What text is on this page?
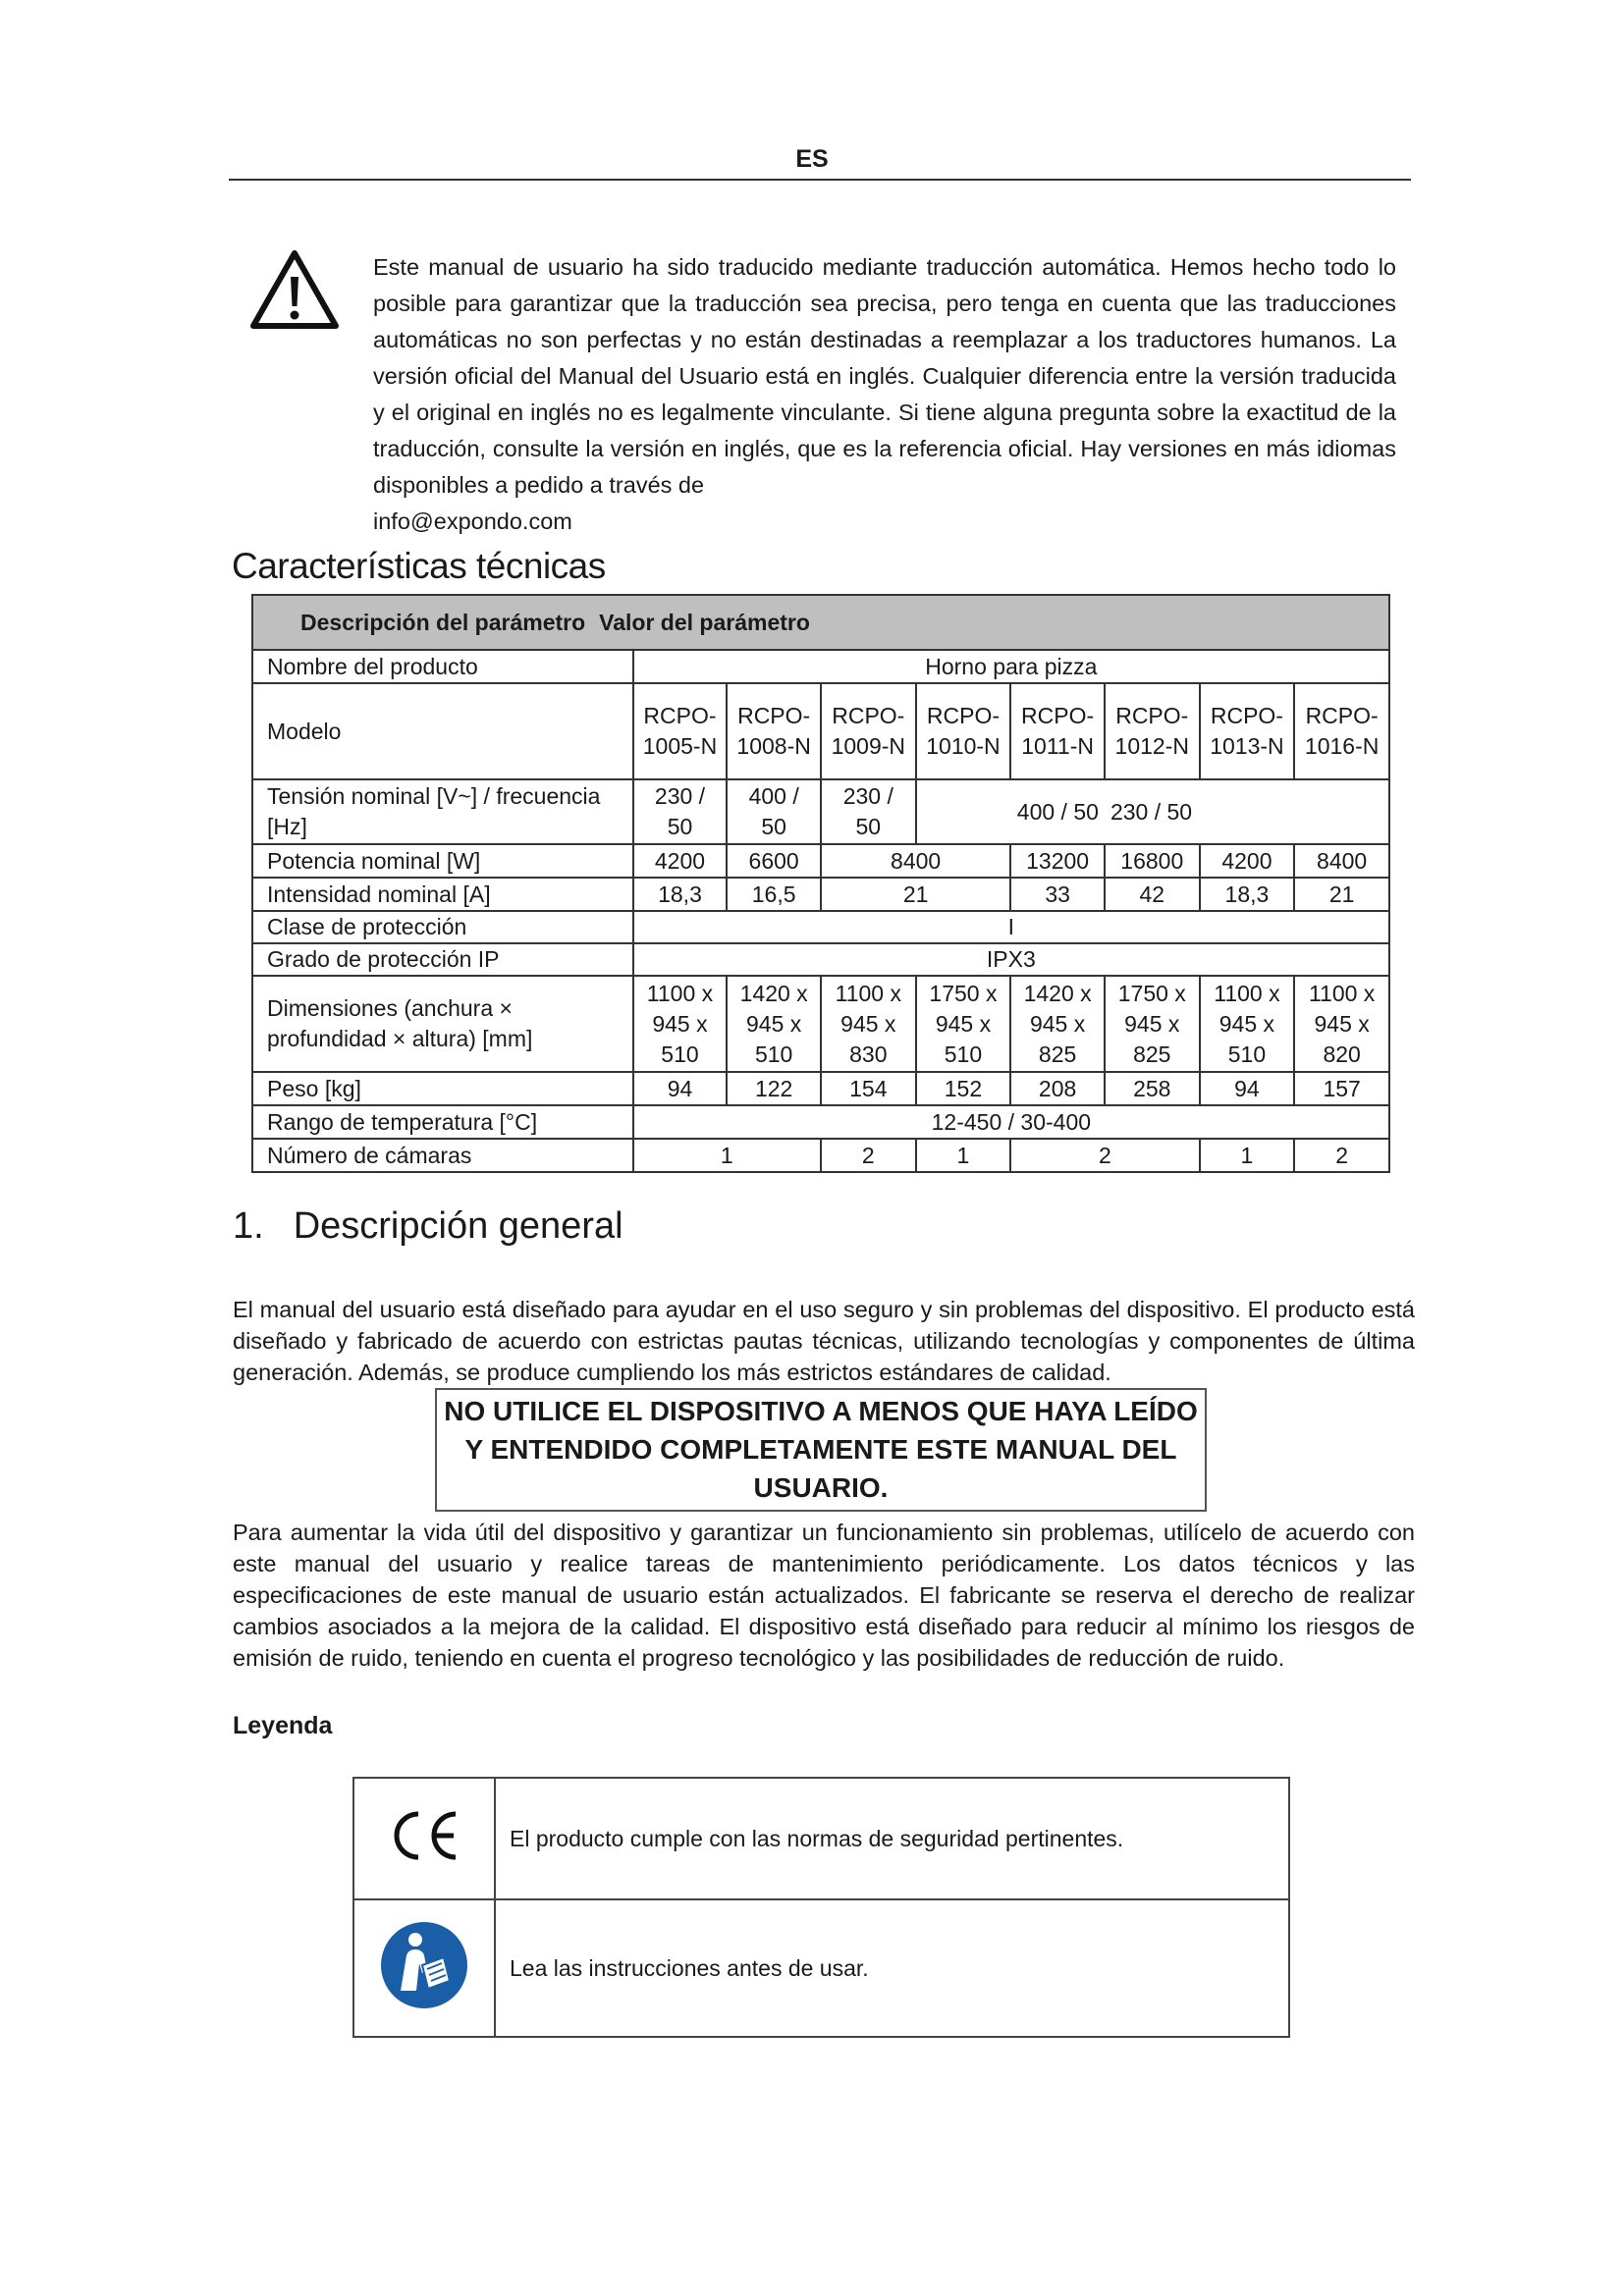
ES

Este manual de usuario ha sido traducido mediante traducción automática. Hemos hecho todo lo posible para garantizar que la traducción sea precisa, pero tenga en cuenta que las traducciones automáticas no son perfectas y no están destinadas a reemplazar a los traductores humanos. La versión oficial del Manual del Usuario está en inglés. Cualquier diferencia entre la versión traducida y el original en inglés no es legalmente vinculante. Si tiene alguna pregunta sobre la exactitud de la traducción, consulte la versión en inglés, que es la referencia oficial. Hay versiones en más idiomas disponibles a pedido a través de

info@expondo.com
Características técnicas
Descripción del parámetro Valor del parámetro								
Nombre del producto	Horno para pizza							
Modelo	RCPO-1005-N	RCPO-1008-N	RCPO-1009-N	RCPO-1010-N	RCPO-1011-N	RCPO-1012-N	RCPO-1013-N	RCPO-1016-N
Tensión nominal [V~] / frecuencia [Hz]	230 / 50	400 / 50	230 / 50	400 / 50		230 / 50		
Potencia nominal [W]	4200	6600	8400		13200	16800	4200	8400
Intensidad nominal [A]	18,3	16,5	21		33	42	18,3	21
Clase de protección	I							
Grado de protección IP	IPX3							
Dimensiones (anchura × profundidad × altura) [mm]	1100 x 945 x 510	1420 x 945 x 510	1100 x 945 x 830	1750 x 945 x 510	1420 x 945 x 825	1750 x 945 x 825	1100 x 945 x 510	1100 x 945 x 820
Peso [kg]	94	122	154	152	208	258	94	157
Rango de temperatura [°C]	12-450 / 30-400							
Número de cámaras	1		2	1	2		1	2
1. Descripción general

El manual del usuario está diseñado para ayudar en el uso seguro y sin problemas del dispositivo. El producto está diseñado y fabricado de acuerdo con estrictas pautas técnicas, utilizando tecnologías y componentes de última generación. Además, se produce cumpliendo los más estrictos estándares de calidad.

NO UTILICE EL DISPOSITIVO A MENOS QUE HAYA LEÍDO Y ENTENDIDO COMPLETAMENTE ESTE MANUAL DEL USUARIO.

Para aumentar la vida útil del dispositivo y garantizar un funcionamiento sin problemas, utilícelo de acuerdo con este manual del usuario y realice tareas de mantenimiento periódicamente. Los datos técnicos y las especificaciones de este manual de usuario están actualizados. El fabricante se reserva el derecho de realizar cambios asociados a la mejora de la calidad. El dispositivo está diseñado para reducir al mínimo los riesgos de emisión de ruido, teniendo en cuenta el progreso tecnológico y las posibilidades de reducción de ruido.

Leyenda
	El producto cumple con las normas de seguridad pertinentes.
	Lea las instrucciones antes de usar.
